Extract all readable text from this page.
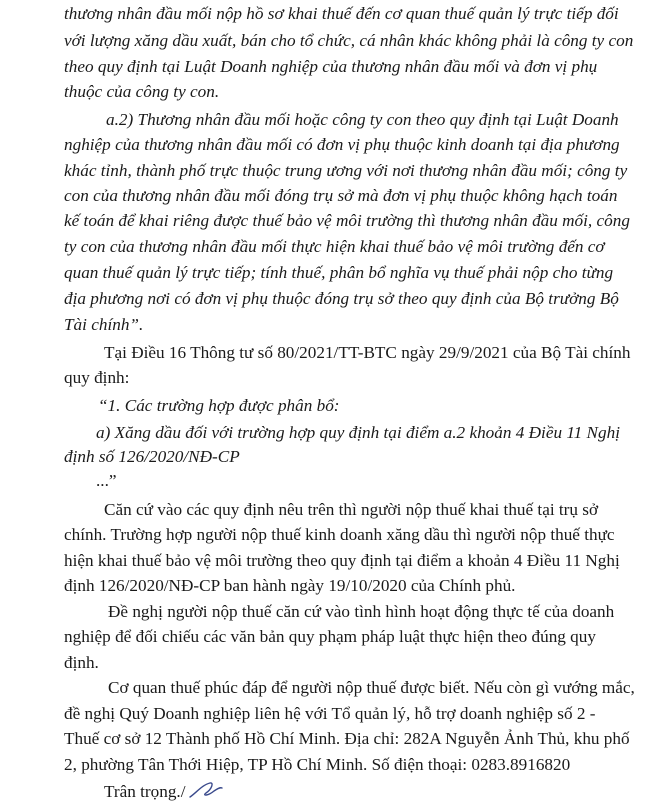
thương nhân đầu mối nộp hồ sơ khai thuế đến cơ quan thuế quản lý trực tiếp đối
với lượng xăng dầu xuất, bán cho tổ chức, cá nhân khác không phải là công ty con
theo quy định tại Luật Doanh nghiệp của thương nhân đầu mối và đơn vị phụ
thuộc của công ty con.
a.2) Thương nhân đầu mối hoặc công ty con theo quy định tại Luật Doanh
nghiệp của thương nhân đầu mối có đơn vị phụ thuộc kinh doanh tại địa phương
khác tỉnh, thành phố trực thuộc trung ương với nơi thương nhân đầu mối; công ty
con của thương nhân đầu mối đóng trụ sở mà đơn vị phụ thuộc không hạch toán
kế toán để khai riêng được thuế bảo vệ môi trường thì thương nhân đầu mối, công
ty con của thương nhân đầu mối thực hiện khai thuế bảo vệ môi trường đến cơ
quan thuế quản lý trực tiếp; tính thuế, phân bổ nghĩa vụ thuế phải nộp cho từng
địa phương nơi có đơn vị phụ thuộc đóng trụ sở theo quy định của Bộ trưởng Bộ
Tài chính”.
Tại Điều 16 Thông tư số 80/2021/TT-BTC ngày 29/9/2021 của Bộ Tài chính
quy định:
“1. Các trường hợp được phân bổ:
a) Xăng dầu đối với trường hợp quy định tại điểm a.2 khoản 4 Điều 11 Nghị
định số 126/2020/NĐ-CP
...”
Căn cứ vào các quy định nêu trên thì người nộp thuế khai thuế tại trụ sở
chính. Trường hợp người nộp thuế kinh doanh xăng dầu thì người nộp thuế thực
hiện khai thuế bảo vệ môi trường theo quy định tại điểm a khoản 4 Điều 11 Nghị
định 126/2020/NĐ-CP ban hành ngày 19/10/2020 của Chính phủ.
Đề nghị người nộp thuế căn cứ vào tình hình hoạt động thực tế của doanh
nghiệp để đối chiếu các văn bản quy phạm pháp luật thực hiện theo đúng quy
định.
Cơ quan thuế phúc đáp để người nộp thuế được biết. Nếu còn gì vướng mắc,
đề nghị Quý Doanh nghiệp liên hệ với Tổ quản lý, hỗ trợ doanh nghiệp số 2 -
Thuế cơ sở 12 Thành phố Hồ Chí Minh. Địa chỉ: 282A Nguyễn Ảnh Thủ, khu phố
2, phường Tân Thới Hiệp, TP Hồ Chí Minh. Số điện thoại: 0283.8916820
Trân trọng./
